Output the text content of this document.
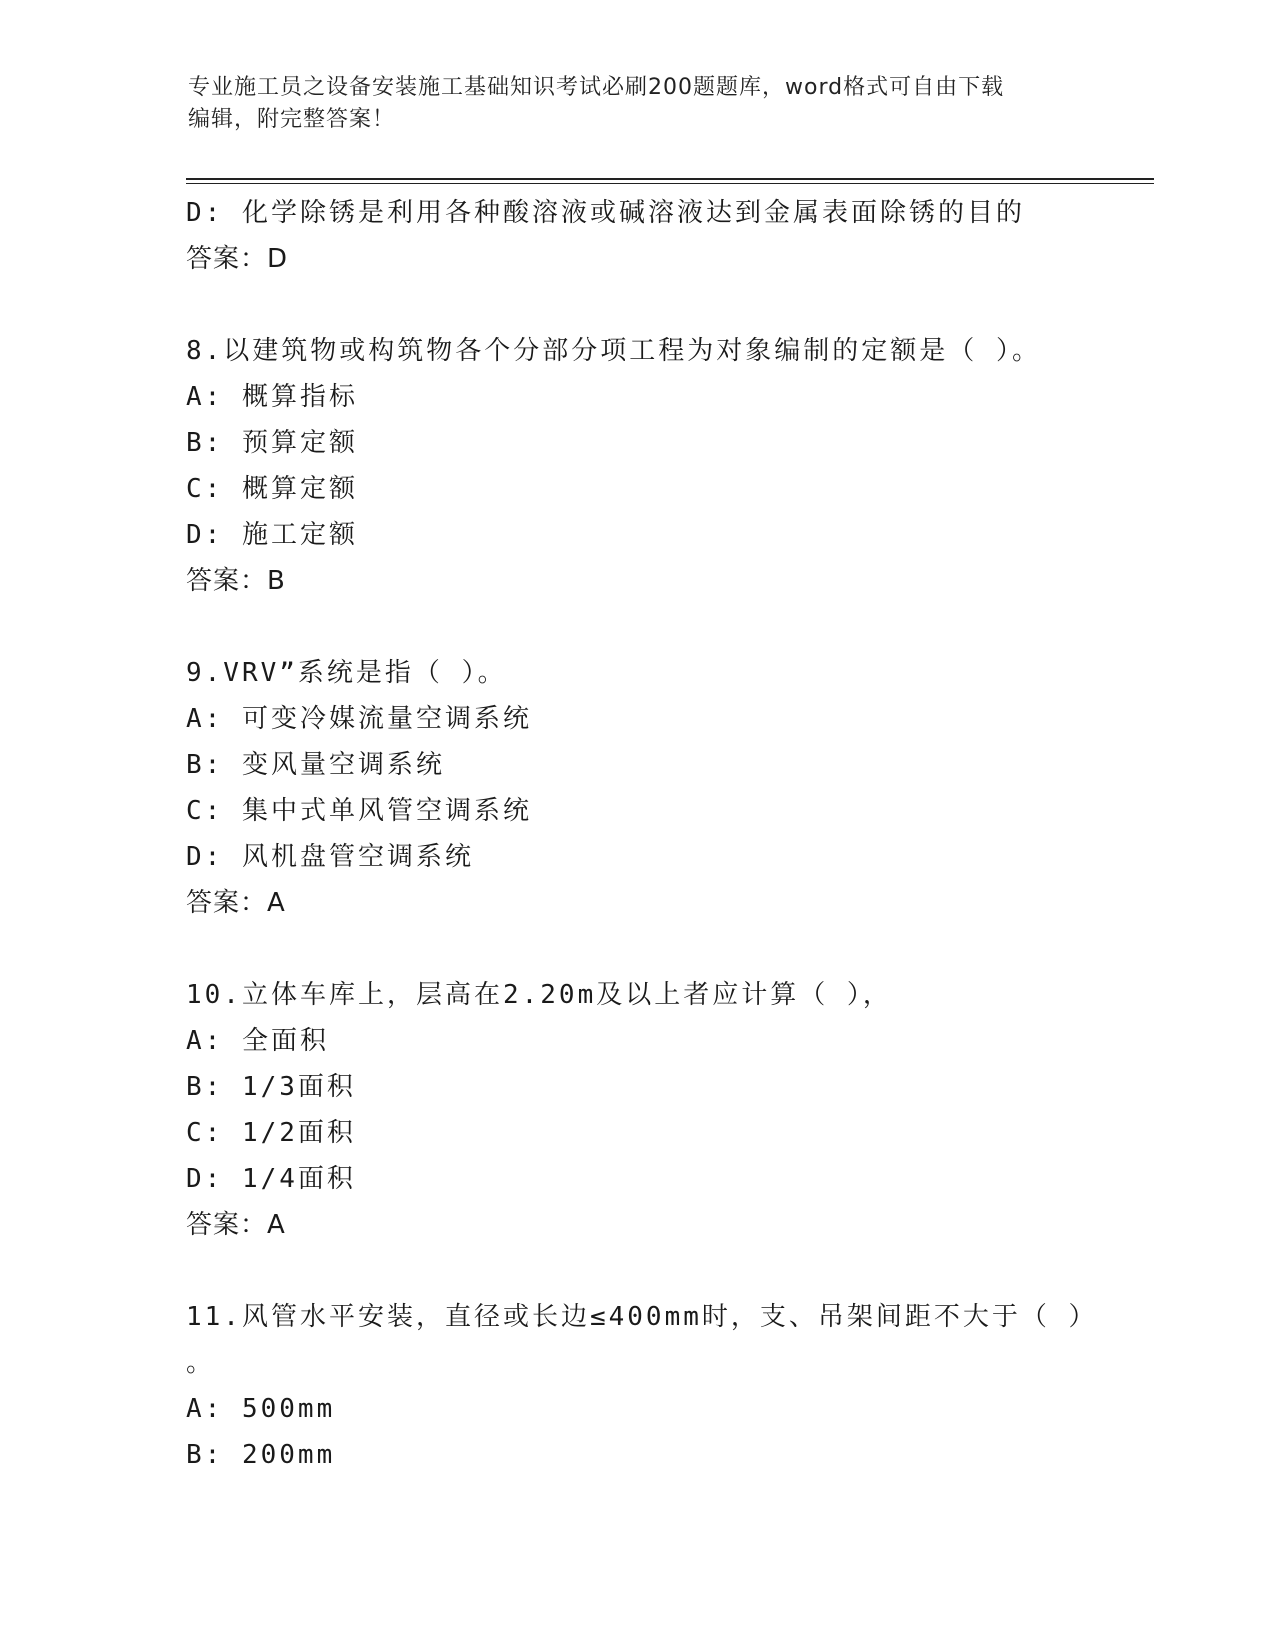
专业施工员之设备安装施工基础知识考试必刷200题题库，word格式可自由下载
编辑，附完整答案！
D: 化学除锈是利用各种酸溶液或碱溶液达到金属表面除锈的目的
答案：D
8.以建筑物或构筑物各个分部分项工程为对象编制的定额是（ ）。
A: 概算指标
B: 预算定额
C: 概算定额
D: 施工定额
答案：B
9.VRV”系统是指（ ）。
A: 可变冷媒流量空调系统
B: 变风量空调系统
C: 集中式单风管空调系统
D: 风机盘管空调系统
答案：A
10.立体车库上，层高在2.20m及以上者应计算（ ），
A: 全面积
B: 1/3面积
C: 1/2面积
D: 1/4面积
答案：A
11.风管水平安装，直径或长边≤400mm时，支、吊架间距不大于（ ）
。
A: 500mm
B: 200mm
